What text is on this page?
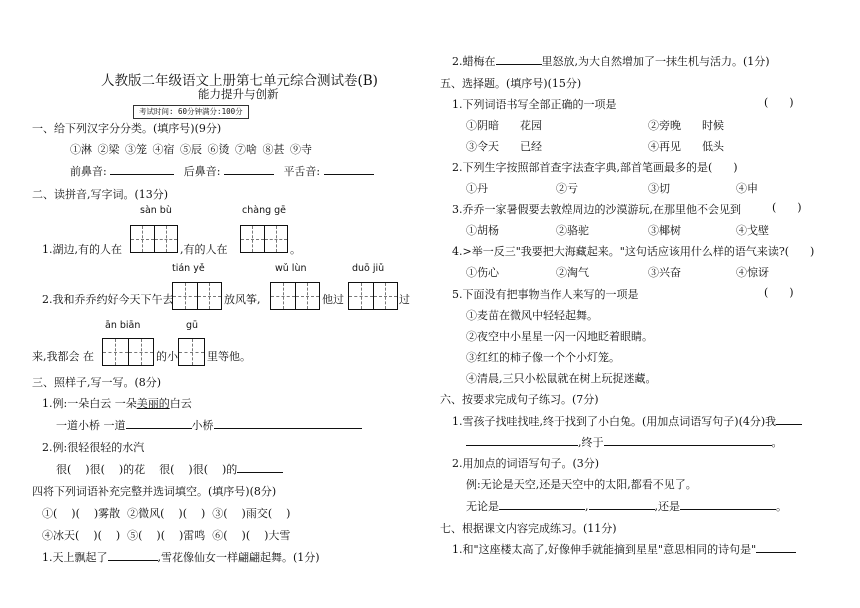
人教版二年级语文上册第七单元综合测试卷(B)
能力提升与创新
考试时间: 60分钟满分:100分
一、给下列汉字分分类。(填序号)(9分)
①淋 ②梁 ③笼 ④宿 ⑤辰 ⑥烫 ⑦啥 ⑧甚 ⑨寺
前鼻音:	后鼻音:	平舌音:
二、读拼音,写字词。(13分)
sàn bù	chàng gē
1.湖边,有的人在	,有的人在	。
tián yě	wǔ lùn	duō jiǔ
2.我和乔乔约好今天下午去	放风筝,	他过	过
ān biān	gū
来,我都会 在	的小	里等他。
三、照样子,写一写。(8分)
1.例:一朵白云 一朵美丽的白云
一道小桥 一道	小桥
2.例:很轻很轻的水汽
很(    )很(    )的花    很(    )很(    )的
四将下列词语补充完整并选词填空。(填序号)(8分)
①(    )(    )雾散  ②微风(    )(    )  ③(    )雨交(    )
④冰天(    )(    )  ⑤(    )(    )雷鸣  ⑥(    )(    )大雪
1.天上飘起了	,雪花像仙女一样翩翩起舞。(1分)
2.蜡梅在	里怒放,为大自然增加了一抹生机与活力。(1分)
五、选择题。(填序号)(15分)
1.下列词语书写全部正确的一项是	(      )
①阴暗      花园	②旁晚      时候
③令天      已经	④再见      低头
2.下列生字按照部首查字法查字典,部首笔画最多的是(      )
①丹	②亏	③切	④申
3.乔乔一家暑假要去敦煌周边的沙漠游玩,在那里他不会见到	(      )
①胡杨	②骆驼	③椰树	④戈壁
4.>举一反三"我要把大海藏起来。"这句话应该用什么样的语气来读?(      )
①伤心	②淘气	③兴奋	④惊讶
5.下面没有把事物当作人来写的一项是	(      )
①麦苗在微风中轻轻起舞。
②夜空中小星星一闪一闪地眨着眼睛。
③红红的柿子像一个个小灯笼。
④清晨,三只小松鼠就在树上玩捉迷藏。
六、按要求完成句子练习。(7分)
1.雪孩子找哇找哇,终于找到了小白兔。(用加点词语写句子)(4分)我
,终于	。
2.用加点的词语写句子。(3分)
例:无论是天空,还是天空中的太阳,都看不见了。
无论是	,	,还是	。
七、根据课文内容完成练习。(11分)
1.和"这座楼太高了,好像伸手就能摘到星星"意思相同的诗句是"
